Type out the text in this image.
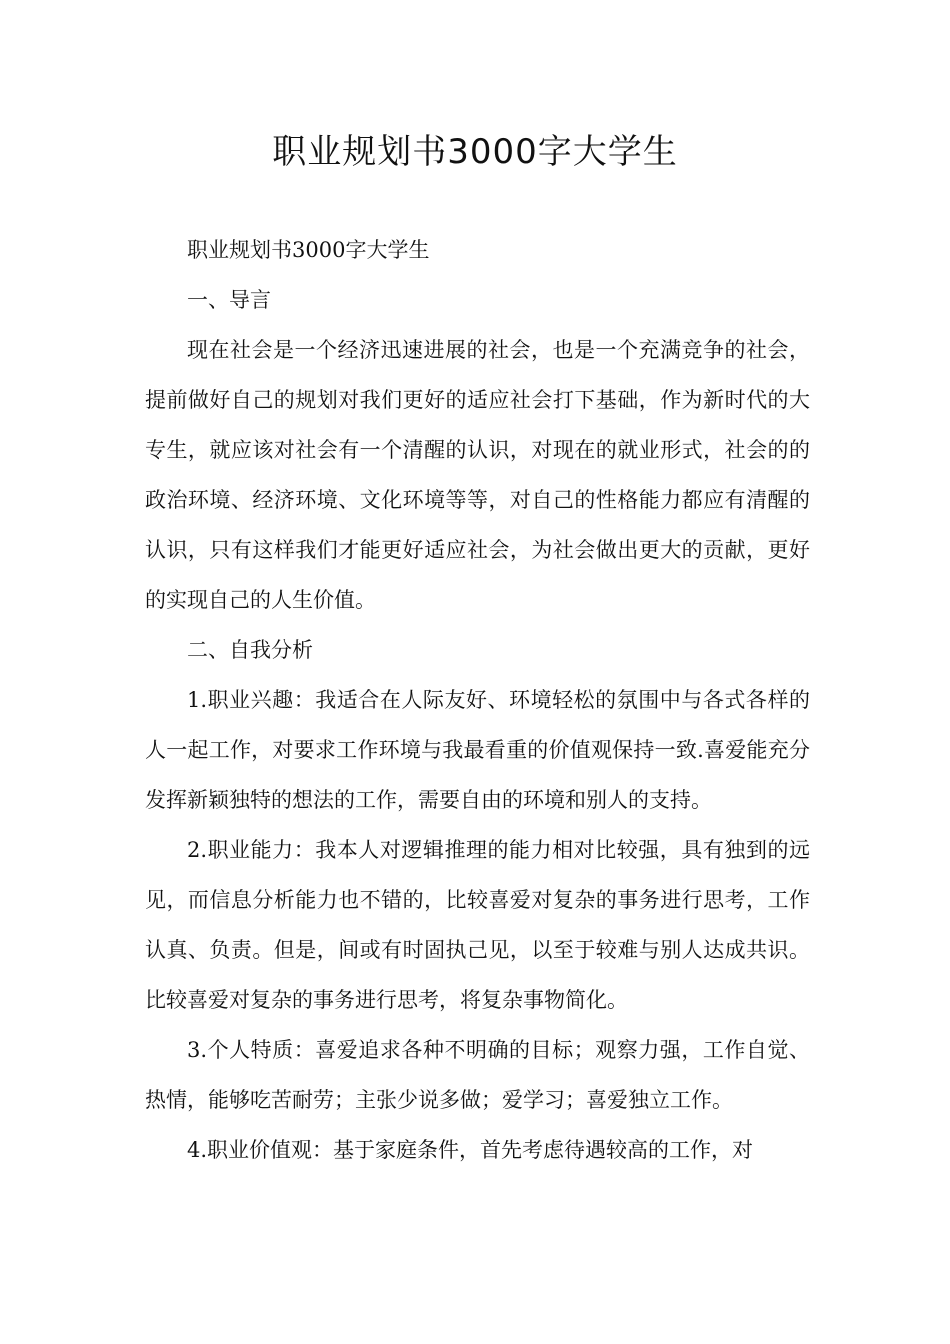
职业规划书3000字大学生

职业规划书3000字大学生

一、导言

现在社会是一个经济迅速进展的社会，也是一个充满竞争的社会，提前做好自己的规划对我们更好的适应社会打下基础，作为新时代的大专生，就应该对社会有一个清醒的认识，对现在的就业形式，社会的的政治环境、经济环境、文化环境等等，对自己的性格能力都应有清醒的认识，只有这样我们才能更好适应社会，为社会做出更大的贡献，更好的实现自己的人生价值。

二、自我分析

1.职业兴趣：我适合在人际友好、环境轻松的氛围中与各式各样的人一起工作，对要求工作环境与我最看重的价值观保持一致.喜爱能充分发挥新颖独特的想法的工作，需要自由的环境和别人的支持。

2.职业能力：我本人对逻辑推理的能力相对比较强，具有独到的远见，而信息分析能力也不错的，比较喜爱对复杂的事务进行思考，工作认真、负责。但是，间或有时固执己见，以至于较难与别人达成共识。比较喜爱对复杂的事务进行思考，将复杂事物简化。

3.个人特质：喜爱追求各种不明确的目标；观察力强，工作自觉、热情，能够吃苦耐劳；主张少说多做；爱学习；喜爱独立工作。

4.职业价值观：基于家庭条件，首先考虑待遇较高的工作，对
